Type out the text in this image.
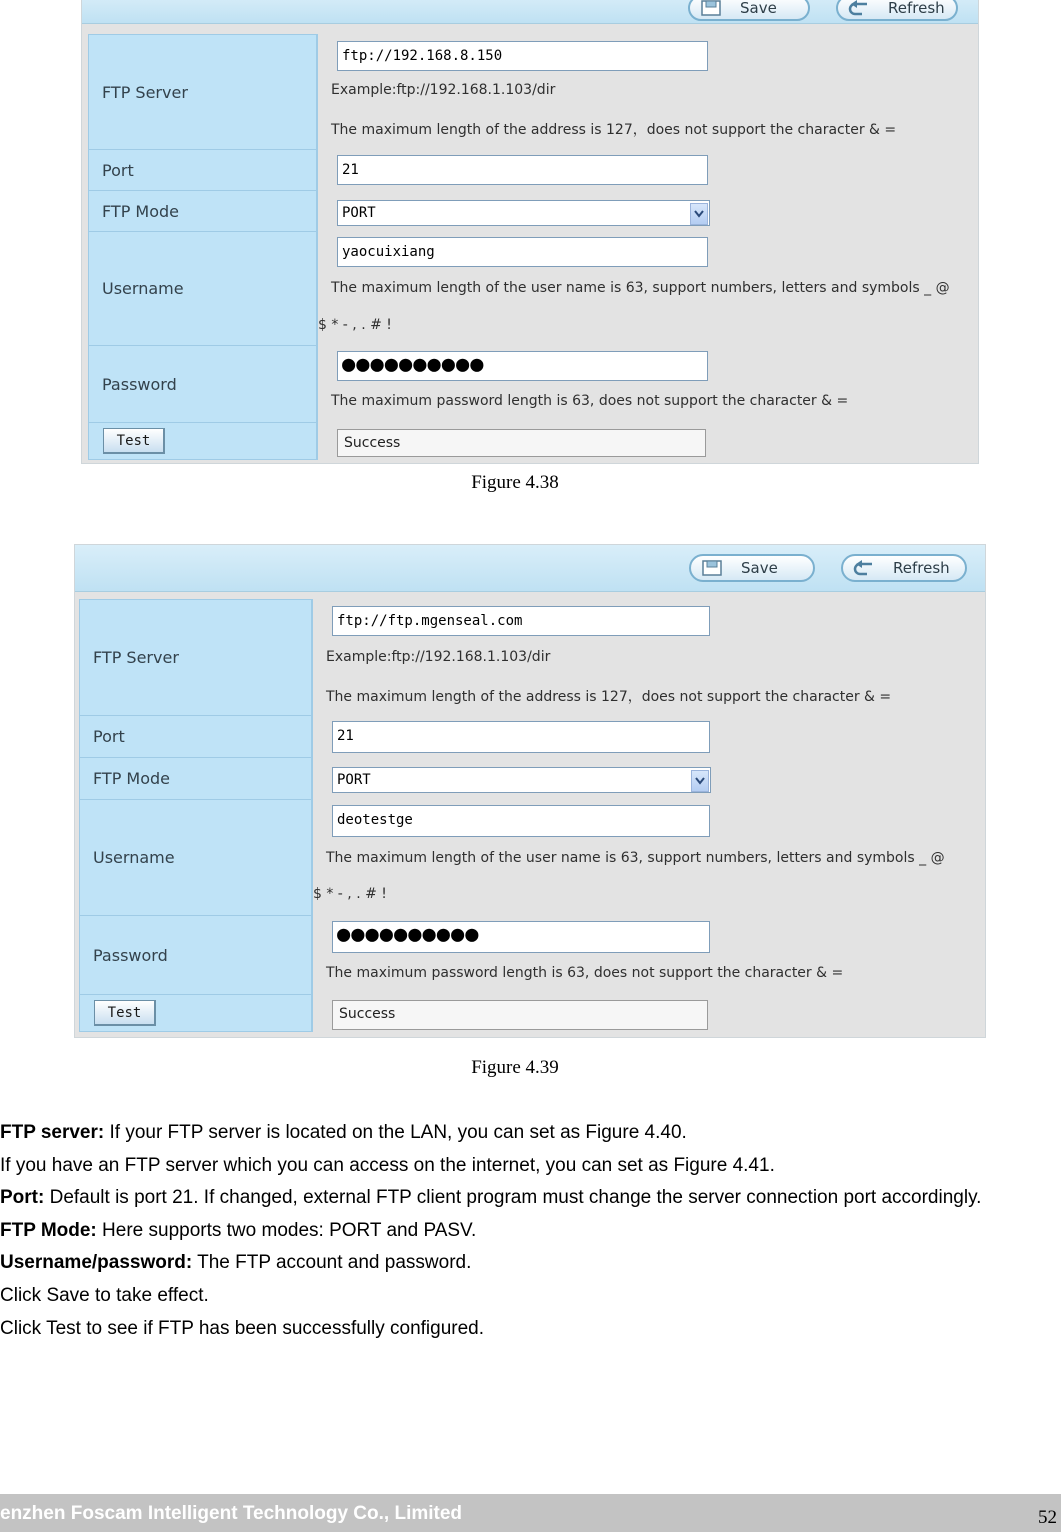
Save	Refresh
FTP Server	ftp://192.168.8.150
Example:ftp://192.168.1.103/dir
The maximum length of the address is 127，does not support the character & =

Port	21

FTP Mode	PORT

Username	yaocuixiang
The maximum length of the user name is 63, support numbers, letters and symbols _ @
$ * - , . # !

Password	●●●●●●●●●●
The maximum password length is 63, does not support the character & =

Test	Success
Figure 4.38
Save	Refresh
FTP Server	ftp://ftp.mgenseal.com
Example:ftp://192.168.1.103/dir
The maximum length of the address is 127，does not support the character & =

Port	21

FTP Mode	PORT

Username	deotestge
The maximum length of the user name is 63, support numbers, letters and symbols _ @
$ * - , . # !

Password	●●●●●●●●●●
The maximum password length is 63, does not support the character & =

Test	Success
Figure 4.39

FTP server: If your FTP server is located on the LAN, you can set as Figure 4.40.

If you have an FTP server which you can access on the internet, you can set as Figure 4.41.

Port: Default is port 21. If changed, external FTP client program must change the server connection port accordingly.

FTP Mode: Here supports two modes: PORT and PASV.

Username/password: The FTP account and password.

Click Save to take effect.

Click Test to see if FTP has been successfully configured.

enzhen Foscam Intelligent Technology Co., Limited	52
